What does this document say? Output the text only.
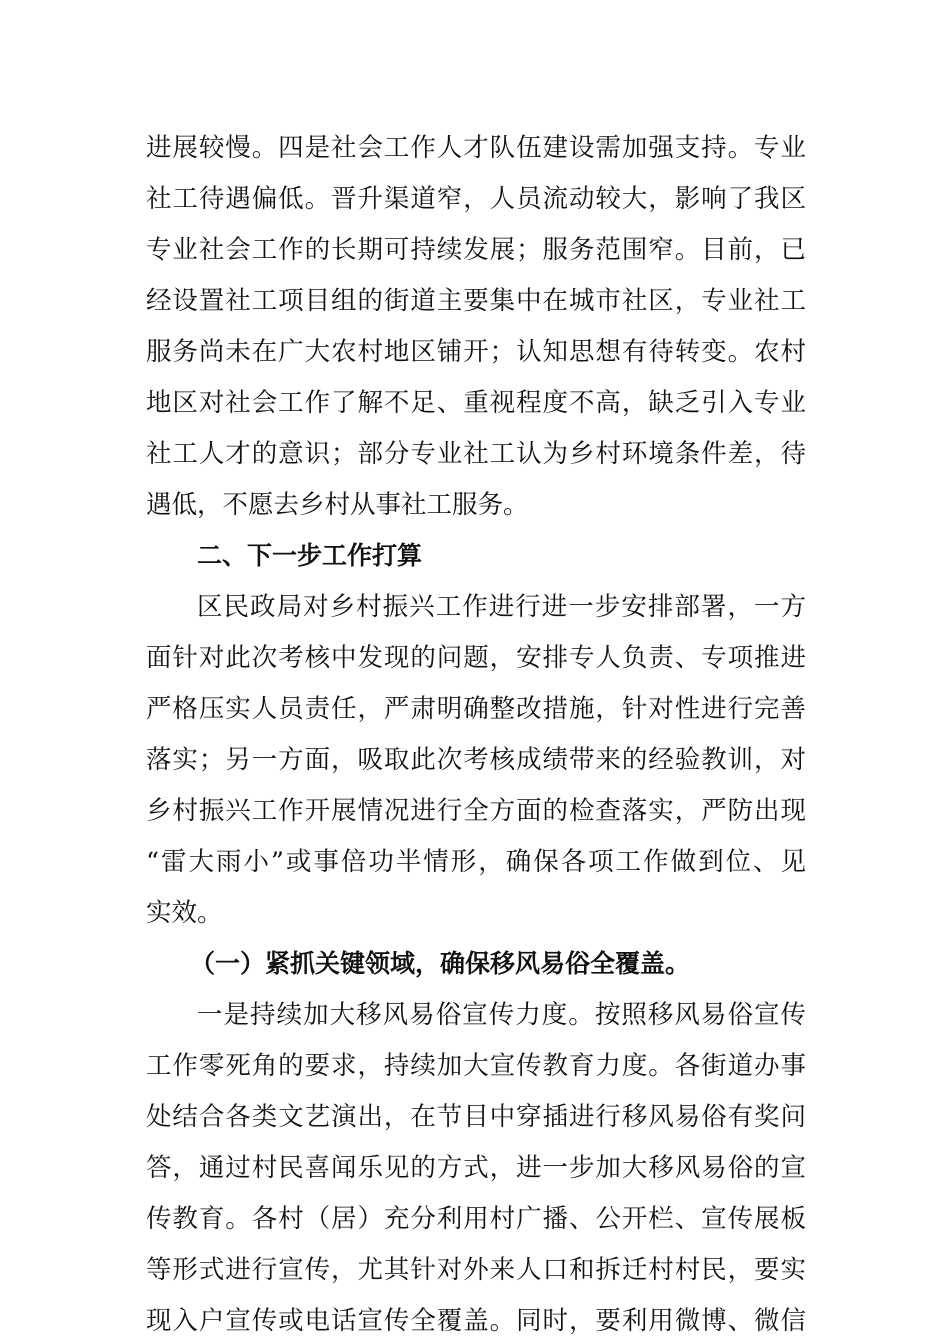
进展较慢。四是社会工作人才队伍建设需加强支持。专业
社工待遇偏低。晋升渠道窄，人员流动较大，影响了我区
专业社会工作的长期可持续发展；服务范围窄。目前，已
经设置社工项目组的街道主要集中在城市社区，专业社工
服务尚未在广大农村地区铺开；认知思想有待转变。农村
地区对社会工作了解不足、重视程度不高，缺乏引入专业
社工人才的意识；部分专业社工认为乡村环境条件差，待
遇低，不愿去乡村从事社工服务。
二、下一步工作打算
区民政局对乡村振兴工作进行进一步安排部署，一方
面针对此次考核中发现的问题，安排专人负责、专项推进
严格压实人员责任，严肃明确整改措施，针对性进行完善
落实；另一方面，吸取此次考核成绩带来的经验教训，对
乡村振兴工作开展情况进行全方面的检查落实，严防出现
“雷大雨小”或事倍功半情形，确保各项工作做到位、见
实效。
（一）紧抓关键领域，确保移风易俗全覆盖。
一是持续加大移风易俗宣传力度。按照移风易俗宣传
工作零死角的要求，持续加大宣传教育力度。各街道办事
处结合各类文艺演出，在节目中穿插进行移风易俗有奖问
答，通过村民喜闻乐见的方式，进一步加大移风易俗的宣
传教育。各村（居）充分利用村广播、公开栏、宣传展板
等形式进行宣传，尤其针对外来人口和拆迁村村民，要实
现入户宣传或电话宣传全覆盖。同时，要利用微博、微信
